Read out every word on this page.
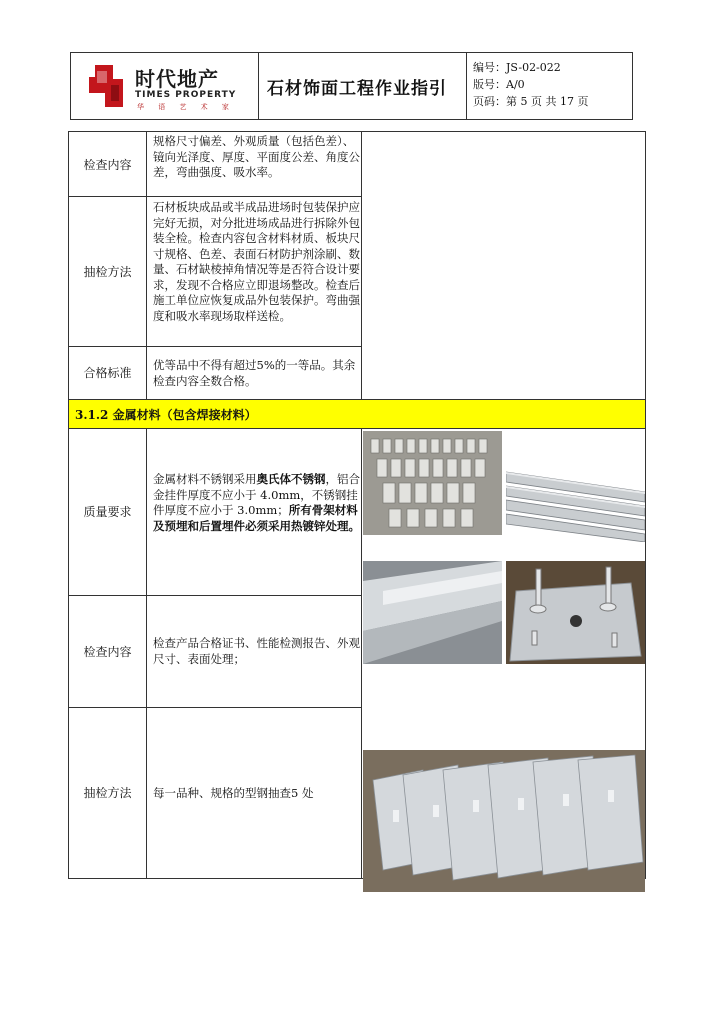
时代地产
TIMES PROPERTY
华 语 艺 术 家
石材饰面工程作业指引
编号：JS-02-022
版号：A/0
页码：第 5 页 共 17 页
检查内容
规格尺寸偏差、外观质量（包括色差）、镜向光泽度、厚度、平面度公差、角度公差，弯曲强度、吸水率。
抽检方法
石材板块成品或半成品进场时包装保护应完好无损，对分批进场成品进行拆除外包装全检。检查内容包含材料材质、板块尺寸规格、色差、表面石材防护剂涂刷、数量、石材缺棱掉角情况等是否符合设计要求，发现不合格应立即退场整改。检查后施工单位应恢复成品外包装保护。弯曲强度和吸水率现场取样送检。
合格标准
优等品中不得有超过5%的一等品。其余检查内容全数合格。
3.1.2 金属材料（包含焊接材料）
质量要求
金属材料不锈钢采用奥氏体不锈钢，铝合金挂件厚度不应小于 4.0mm，不锈钢挂件厚度不应小于 3.0mm；所有骨架材料及预埋和后置埋件必须采用热镀锌处理。
检查内容
检查产品合格证书、性能检测报告、外观尺寸、表面处理；
抽检方法	每一品种、规格的型钢抽查5 处
